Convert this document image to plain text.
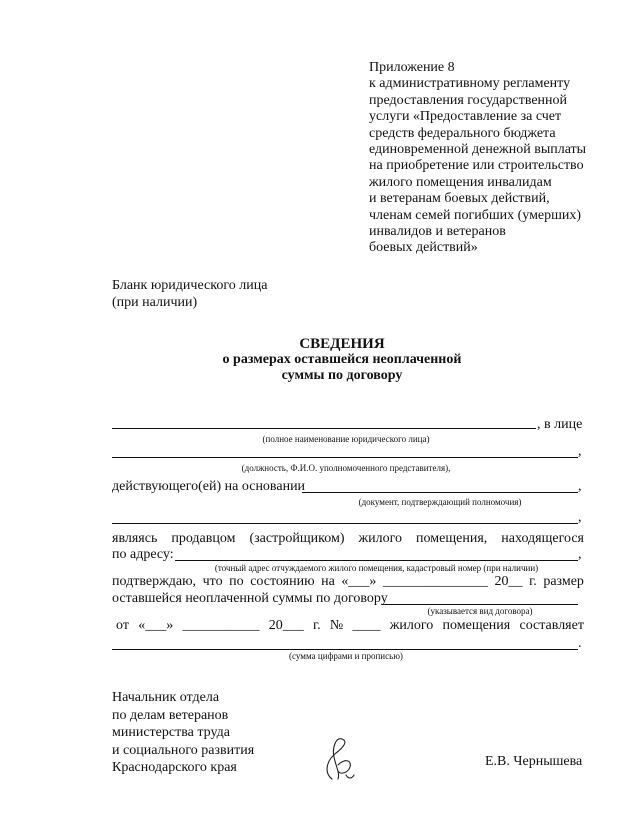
Приложение 8
к административному регламенту
предоставления государственной
услуги «Предоставление за счет
средств федерального бюджета
единовременной денежной выплаты
на приобретение или строительство
жилого помещения инвалидам
и ветеранам боевых действий,
членам семей погибших (умерших)
инвалидов и ветеранов
боевых действий»
Бланк юридического лица
(при наличии)
СВЕДЕНИЯ
о размерах оставшейся неоплаченной
суммы по договору
, в лице
(полное наименование юридического лица)
,
(должность, Ф.И.О. уполномоченного представителя),
действующего(ей) на основании	,
(документ, подтверждающий полномочия)
,
являясь продавцом (застройщиком) жилого помещения, находящегося
по адресу:	,
(точный адрес отчуждаемого жилого помещения, кадастровый номер (при наличии)
подтверждаю, что по состоянию на «___» _______________ 20__ г. размер
оставшейся неоплаченной суммы по договору
(указывается вид договора)
от «___» ___________ 20___ г. № ____ жилого помещения составляет
.
(сумма цифрами и прописью)
Начальник отдела
по делам ветеранов
министерства труда
и социального развития
Краснодарского края	Е.В. Чернышева
